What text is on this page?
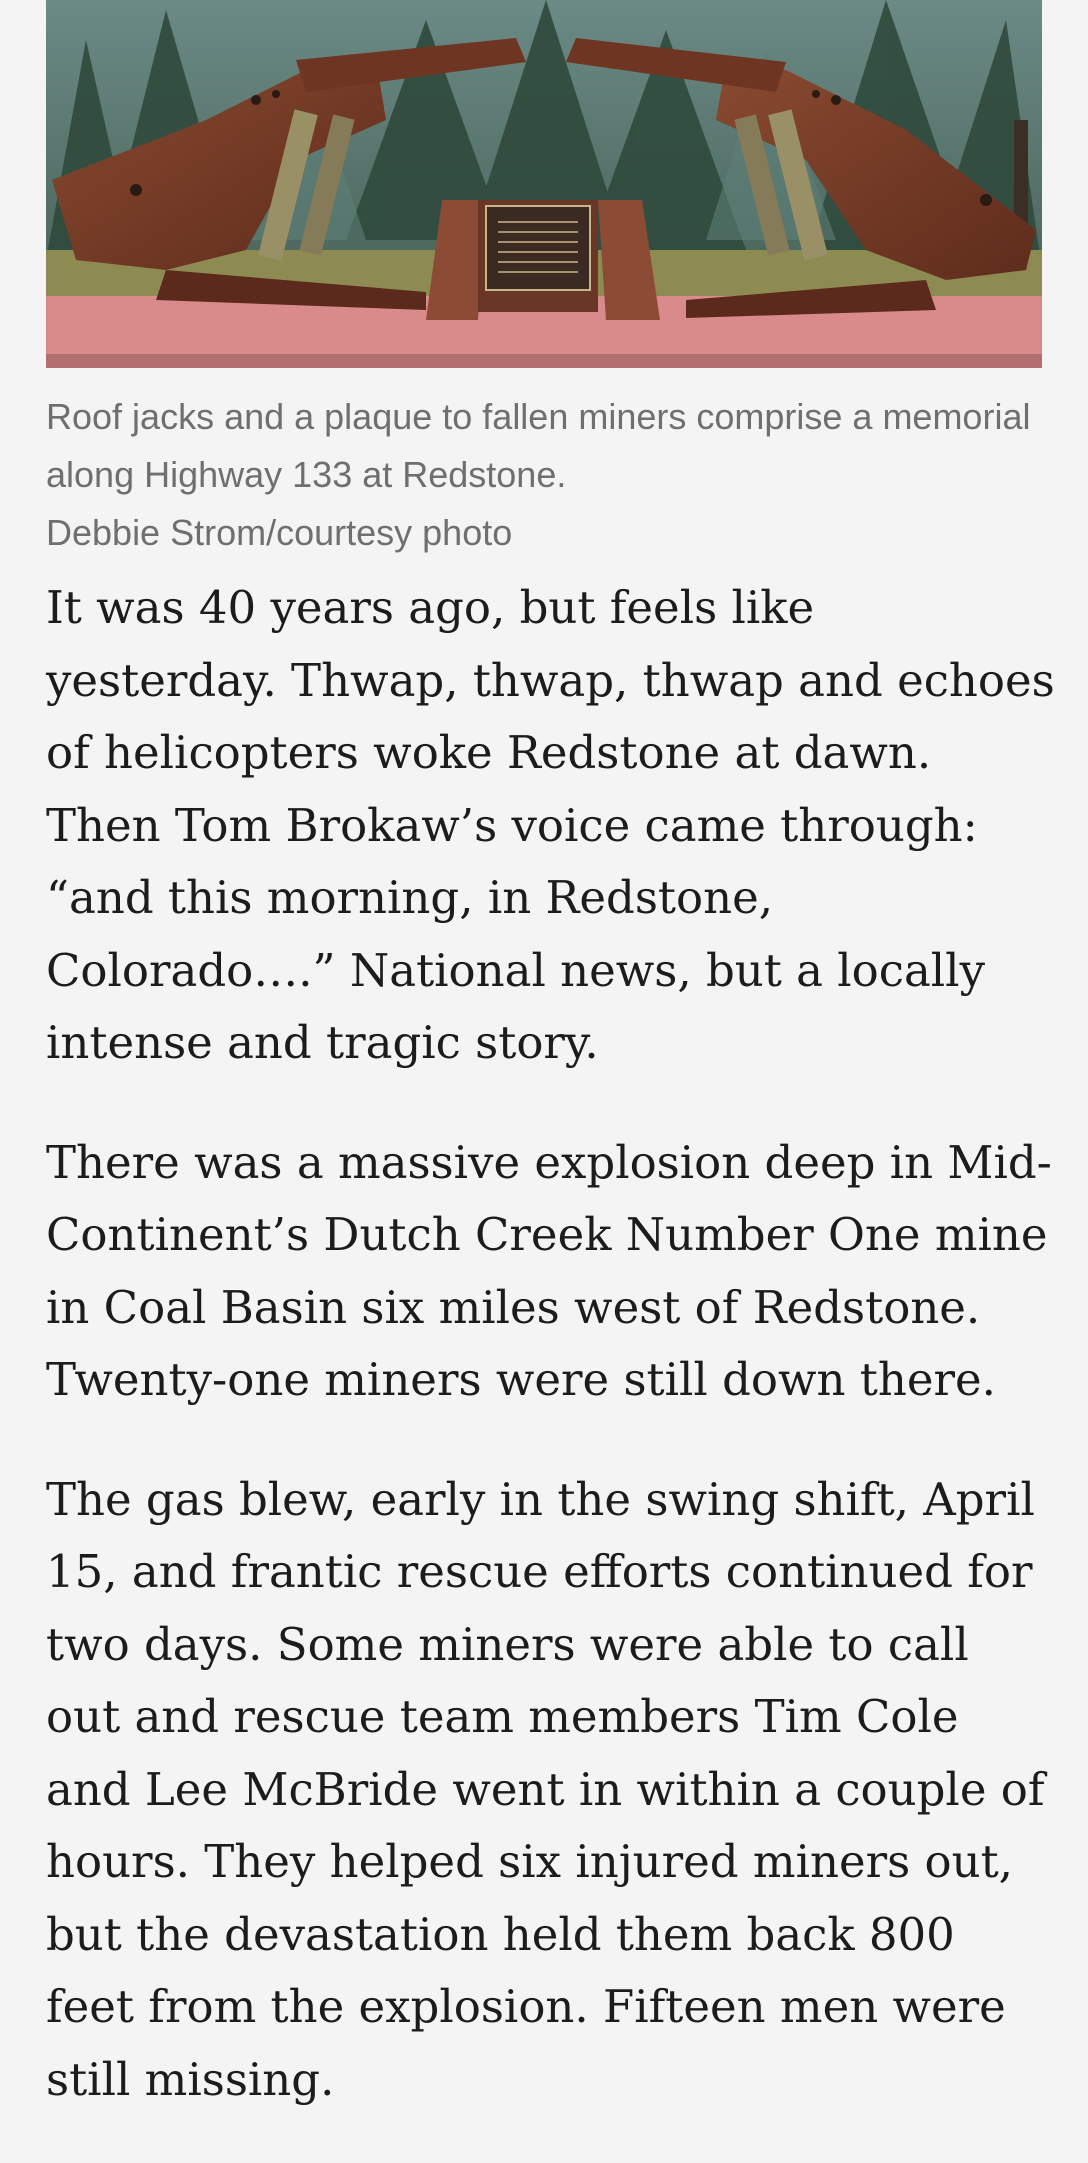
Roof jacks and a plaque to fallen miners comprise a memorial along Highway 133 at Redstone.
Debbie Strom/courtesy photo

It was 40 years ago, but feels like yesterday. Thwap, thwap, thwap and echoes of helicopters woke Redstone at dawn. Then Tom Brokaw’s voice came through: “and this morning, in Redstone, Colorado….” National news, but a locally intense and tragic story.

There was a massive explosion deep in Mid-Continent’s Dutch Creek Number One mine in Coal Basin six miles west of Redstone. Twenty-one miners were still down there.

The gas blew, early in the swing shift, April 15, and frantic rescue efforts continued for two days. Some miners were able to call out and rescue team members Tim Cole and Lee McBride went in within a couple of hours. They helped six injured miners out, but the devastation held them back 800 feet from the explosion. Fifteen men were still missing.
